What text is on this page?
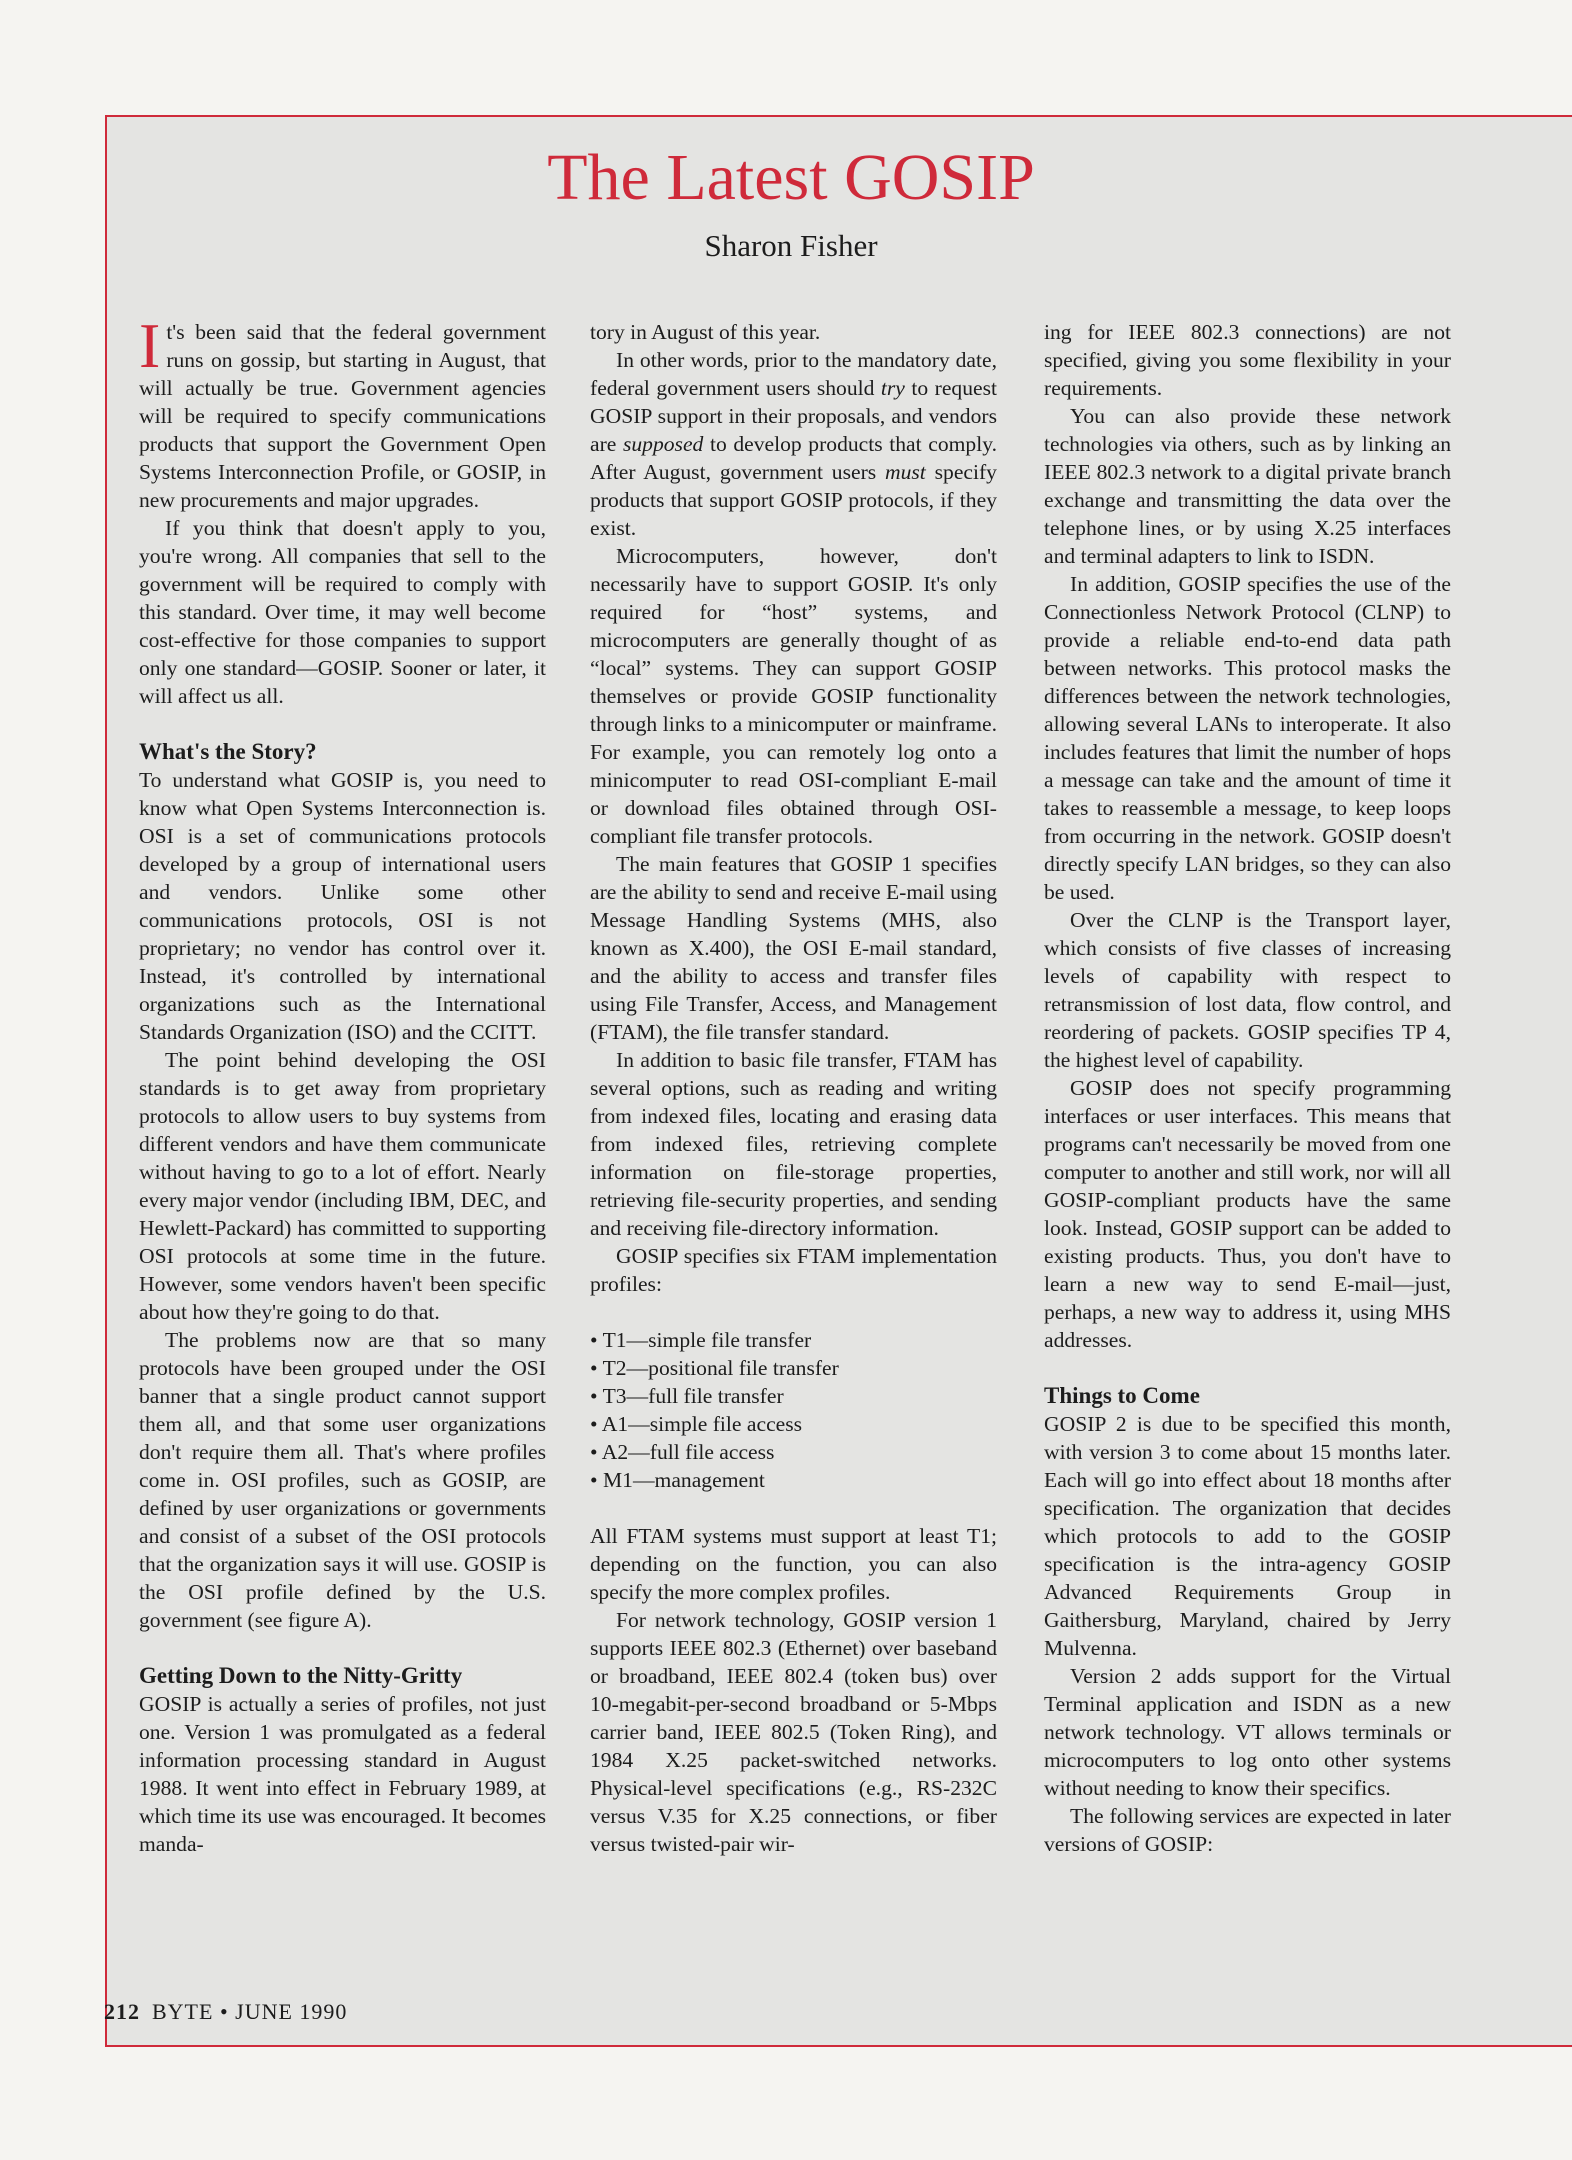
The Latest GOSIP
Sharon Fisher

It's been said that the federal government runs on gossip, but starting in August, that will actually be true. Government agencies will be required to specify communications products that support the Government Open Systems Interconnection Profile, or GOSIP, in new procurements and major upgrades.

If you think that doesn't apply to you, you're wrong. All companies that sell to the government will be required to comply with this standard. Over time, it may well become cost-effective for those companies to support only one standard—GOSIP. Sooner or later, it will affect us all.

What's the Story?

To understand what GOSIP is, you need to know what Open Systems Interconnection is. OSI is a set of communications protocols developed by a group of international users and vendors. Unlike some other communications protocols, OSI is not proprietary; no vendor has control over it. Instead, it's controlled by international organizations such as the International Standards Organization (ISO) and the CCITT.

The point behind developing the OSI standards is to get away from proprietary protocols to allow users to buy systems from different vendors and have them communicate without having to go to a lot of effort. Nearly every major vendor (including IBM, DEC, and Hewlett-Packard) has committed to supporting OSI protocols at some time in the future. However, some vendors haven't been specific about how they're going to do that.

The problems now are that so many protocols have been grouped under the OSI banner that a single product cannot support them all, and that some user organizations don't require them all. That's where profiles come in. OSI profiles, such as GOSIP, are defined by user organizations or governments and consist of a subset of the OSI protocols that the organization says it will use. GOSIP is the OSI profile defined by the U.S. government (see figure A).

Getting Down to the Nitty-Gritty

GOSIP is actually a series of profiles, not just one. Version 1 was promulgated as a federal information processing standard in August 1988. It went into effect in February 1989, at which time its use was encouraged. It becomes manda-

tory in August of this year.

In other words, prior to the mandatory date, federal government users should try to request GOSIP support in their proposals, and vendors are supposed to develop products that comply. After August, government users must specify products that support GOSIP protocols, if they exist.

Microcomputers, however, don't necessarily have to support GOSIP. It's only required for “host” systems, and microcomputers are generally thought of as “local” systems. They can support GOSIP themselves or provide GOSIP functionality through links to a minicomputer or mainframe. For example, you can remotely log onto a minicomputer to read OSI-compliant E-mail or download files obtained through OSI-compliant file transfer protocols.

The main features that GOSIP 1 specifies are the ability to send and receive E-mail using Message Handling Systems (MHS, also known as X.400), the OSI E-mail standard, and the ability to access and transfer files using File Transfer, Access, and Management (FTAM), the file transfer standard.

In addition to basic file transfer, FTAM has several options, such as reading and writing from indexed files, locating and erasing data from indexed files, retrieving complete information on file-storage properties, retrieving file-security properties, and sending and receiving file-directory information.

GOSIP specifies six FTAM implementation profiles:

• T1—simple file transfer
• T2—positional file transfer
• T3—full file transfer
• A1—simple file access
• A2—full file access
• M1—management

All FTAM systems must support at least T1; depending on the function, you can also specify the more complex profiles.

For network technology, GOSIP version 1 supports IEEE 802.3 (Ethernet) over baseband or broadband, IEEE 802.4 (token bus) over 10-megabit-per-second broadband or 5-Mbps carrier band, IEEE 802.5 (Token Ring), and 1984 X.25 packet-switched networks. Physical-level specifications (e.g., RS-232C versus V.35 for X.25 connections, or fiber versus twisted-pair wir-

ing for IEEE 802.3 connections) are not specified, giving you some flexibility in your requirements.

You can also provide these network technologies via others, such as by linking an IEEE 802.3 network to a digital private branch exchange and transmitting the data over the telephone lines, or by using X.25 interfaces and terminal adapters to link to ISDN.

In addition, GOSIP specifies the use of the Connectionless Network Protocol (CLNP) to provide a reliable end-to-end data path between networks. This protocol masks the differences between the network technologies, allowing several LANs to interoperate. It also includes features that limit the number of hops a message can take and the amount of time it takes to reassemble a message, to keep loops from occurring in the network. GOSIP doesn't directly specify LAN bridges, so they can also be used.

Over the CLNP is the Transport layer, which consists of five classes of increasing levels of capability with respect to retransmission of lost data, flow control, and reordering of packets. GOSIP specifies TP 4, the highest level of capability.

GOSIP does not specify programming interfaces or user interfaces. This means that programs can't necessarily be moved from one computer to another and still work, nor will all GOSIP-compliant products have the same look. Instead, GOSIP support can be added to existing products. Thus, you don't have to learn a new way to send E-mail—just, perhaps, a new way to address it, using MHS addresses.

Things to Come

GOSIP 2 is due to be specified this month, with version 3 to come about 15 months later. Each will go into effect about 18 months after specification. The organization that decides which protocols to add to the GOSIP specification is the intra-agency GOSIP Advanced Requirements Group in Gaithersburg, Maryland, chaired by Jerry Mulvenna.

Version 2 adds support for the Virtual Terminal application and ISDN as a new network technology. VT allows terminals or microcomputers to log onto other systems without needing to know their specifics.

The following services are expected in later versions of GOSIP:

212 BYTE • JUNE 1990
